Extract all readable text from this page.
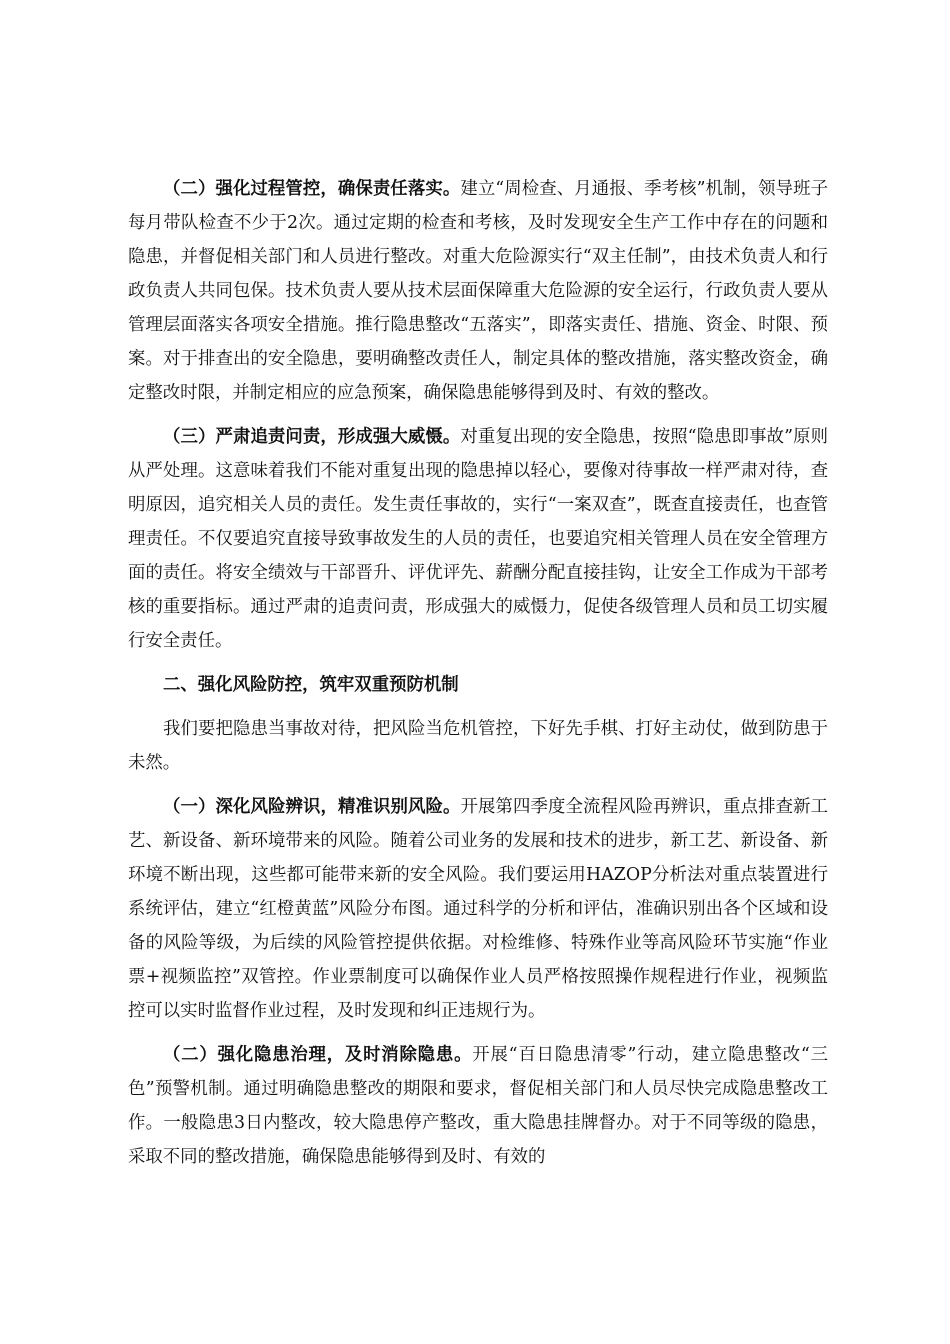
（二）强化过程管控，确保责任落实。建立“周检查、月通报、季考核”机制，领导班子每月带队检查不少于2次。通过定期的检查和考核，及时发现安全生产工作中存在的问题和隐患，并督促相关部门和人员进行整改。对重大危险源实行“双主任制”，由技术负责人和行政负责人共同包保。技术负责人要从技术层面保障重大危险源的安全运行，行政负责人要从管理层面落实各项安全措施。推行隐患整改“五落实”，即落实责任、措施、资金、时限、预案。对于排查出的安全隐患，要明确整改责任人，制定具体的整改措施，落实整改资金，确定整改时限，并制定相应的应急预案，确保隐患能够得到及时、有效的整改。

（三）严肃追责问责，形成强大威慑。对重复出现的安全隐患，按照“隐患即事故”原则从严处理。这意味着我们不能对重复出现的隐患掉以轻心，要像对待事故一样严肃对待，查明原因，追究相关人员的责任。发生责任事故的，实行“一案双查”，既查直接责任，也查管理责任。不仅要追究直接导致事故发生的人员的责任，也要追究相关管理人员在安全管理方面的责任。将安全绩效与干部晋升、评优评先、薪酬分配直接挂钩，让安全工作成为干部考核的重要指标。通过严肃的追责问责，形成强大的威慑力，促使各级管理人员和员工切实履行安全责任。

二、强化风险防控，筑牢双重预防机制

我们要把隐患当事故对待，把风险当危机管控，下好先手棋、打好主动仗，做到防患于未然。

（一）深化风险辨识，精准识别风险。开展第四季度全流程风险再辨识，重点排查新工艺、新设备、新环境带来的风险。随着公司业务的发展和技术的进步，新工艺、新设备、新环境不断出现，这些都可能带来新的安全风险。我们要运用HAZOP分析法对重点装置进行系统评估，建立“红橙黄蓝”风险分布图。通过科学的分析和评估，准确识别出各个区域和设备的风险等级，为后续的风险管控提供依据。对检维修、特殊作业等高风险环节实施“作业票+视频监控”双管控。作业票制度可以确保作业人员严格按照操作规程进行作业，视频监控可以实时监督作业过程，及时发现和纠正违规行为。

（二）强化隐患治理，及时消除隐患。开展“百日隐患清零”行动，建立隐患整改“三色”预警机制。通过明确隐患整改的期限和要求，督促相关部门和人员尽快完成隐患整改工作。一般隐患3日内整改，较大隐患停产整改，重大隐患挂牌督办。对于不同等级的隐患，采取不同的整改措施，确保隐患能够得到及时、有效的
